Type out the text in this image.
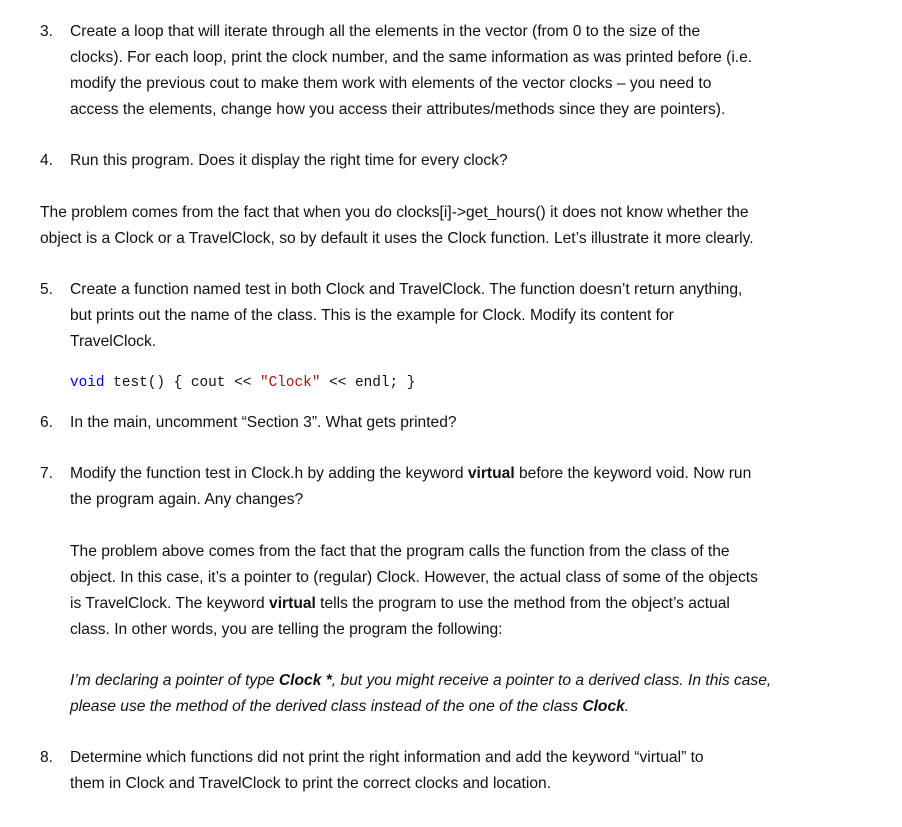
3.	Create a loop that will iterate through all the elements in the vector (from 0 to the size of the
clocks). For each loop, print the clock number, and the same information as was printed before (i.e.
modify the previous cout to make them work with elements of the vector clocks – you need to
access the elements, change how you access their attributes/methods since they are pointers).
4.	Run this program. Does it display the right time for every clock?
The problem comes from the fact that when you do clocks[i]->get_hours() it does not know whether the
object is a Clock or a TravelClock, so by default it uses the Clock function. Let’s illustrate it more clearly.
5.	Create a function named test in both Clock and TravelClock. The function doesn’t return anything,
but prints out the name of the class. This is the example for Clock. Modify its content for
TravelClock.
void test() { cout << "Clock" << endl; }
6.	In the main, uncomment “Section 3”. What gets printed?
7.	Modify the function test in Clock.h by adding the keyword virtual before the keyword void. Now run
the program again. Any changes?
The problem above comes from the fact that the program calls the function from the class of the
object. In this case, it’s a pointer to (regular) Clock. However, the actual class of some of the objects
is TravelClock. The keyword virtual tells the program to use the method from the object’s actual
class. In other words, you are telling the program the following:
I’m declaring a pointer of type Clock *, but you might receive a pointer to a derived class. In this case,
please use the method of the derived class instead of the one of the class Clock.
8.	Determine which functions did not print the right information and add the keyword “virtual” to
them in Clock and TravelClock to print the correct clocks and location.
